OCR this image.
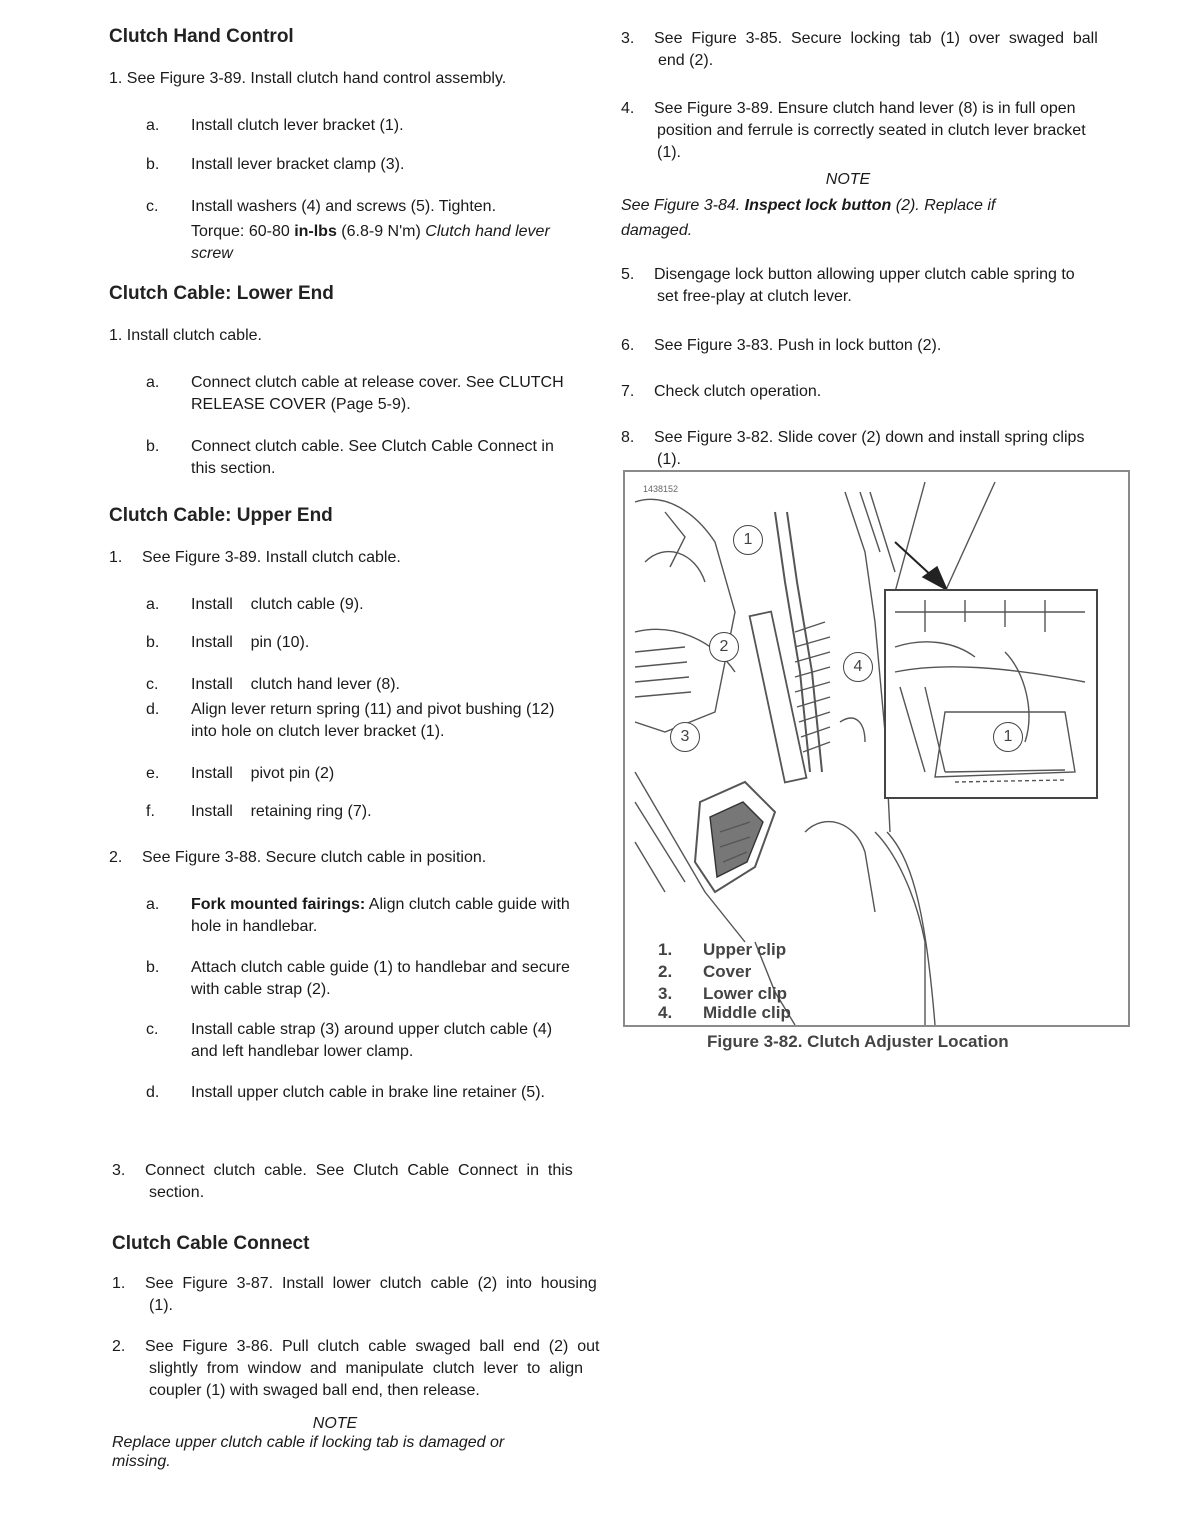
Clutch Hand Control
1. See Figure 3-89. Install clutch hand control assembly.
a. Install clutch lever bracket (1).
b. Install lever bracket clamp (3).
c. Install washers (4) and screws (5). Tighten.
Torque: 60-80 in-lbs (6.8-9 N'm) Clutch hand lever
screw
Clutch Cable: Lower End
1. Install clutch cable.
a. Connect clutch cable at release cover. See CLUTCH
RELEASE COVER (Page 5-9).
b. Connect clutch cable. See Clutch Cable Connect in
this section.
Clutch Cable: Upper End
1. See Figure 3-89. Install clutch cable.
a. Install    clutch cable (9).
b. Install    pin (10).
c. Install    clutch hand lever (8).
d. Align lever return spring (11) and pivot bushing (12)
into hole on clutch lever bracket (1).
e. Install    pivot pin (2)
f. Install    retaining ring (7).
2. See Figure 3-88. Secure clutch cable in position.
a. Fork mounted fairings: Align clutch cable guide with
hole in handlebar.
b. Attach clutch cable guide (1) to handlebar and secure
with cable strap (2).
c. Install cable strap (3) around upper clutch cable (4)
and left handlebar lower clamp.
d. Install upper clutch cable in brake line retainer (5).
3. Connect  clutch  cable.  See  Clutch  Cable  Connect  in  this
section.
Clutch Cable Connect
1. See  Figure  3-87.  Install  lower  clutch  cable  (2)  into  housing
(1).
2. See  Figure  3-86.  Pull  clutch  cable  swaged  ball  end  (2)  out
slightly  from  window  and  manipulate  clutch  lever  to  align
coupler (1) with swaged ball end, then release.
NOTE
Replace upper clutch cable if locking tab is damaged or
missing.
3. See  Figure  3-85.  Secure  locking  tab  (1)  over  swaged  ball
end (2).
4. See Figure 3-89. Ensure clutch hand lever (8) is in full open
position and ferrule is correctly seated in clutch lever bracket
(1).
NOTE
See Figure 3-84. Inspect lock button (2). Replace if
damaged.
5. Disengage lock button allowing upper clutch cable spring to
set free-play at clutch lever.
6. See Figure 3-83. Push in lock button (2).
7. Check clutch operation.
8. See Figure 3-82. Slide cover (2) down and install spring clips
(1).
1438152
1
2
3
4
1
1. Upper clip
2. Cover
3. Lower clip
4. Middle clip
Figure 3-82. Clutch Adjuster Location
